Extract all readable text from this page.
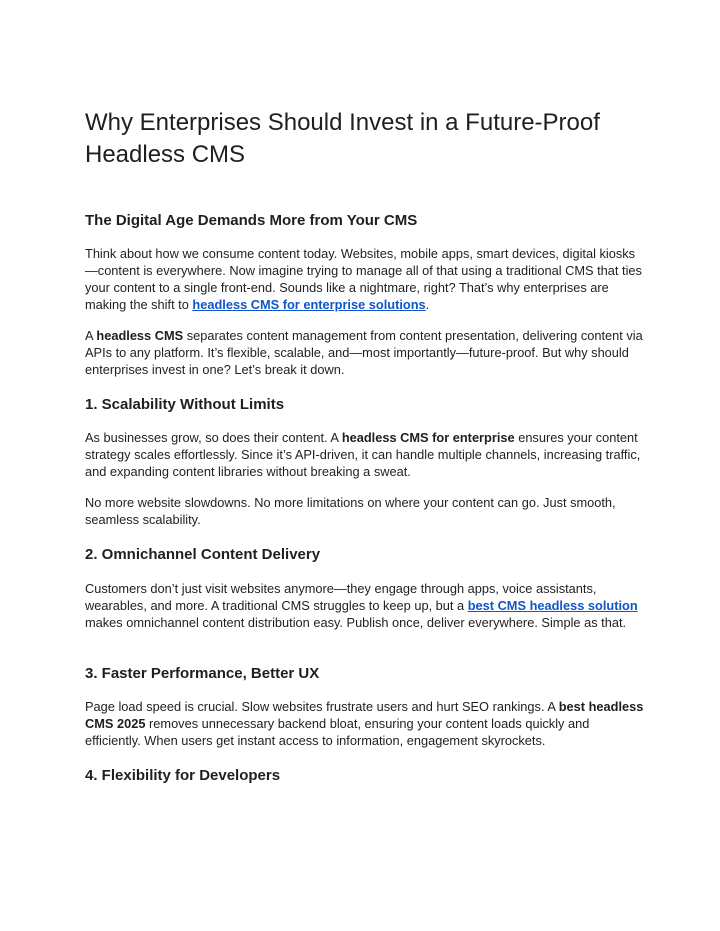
Why Enterprises Should Invest in a Future-Proof Headless CMS
The Digital Age Demands More from Your CMS

Think about how we consume content today. Websites, mobile apps, smart devices, digital kiosks—content is everywhere. Now imagine trying to manage all of that using a traditional CMS that ties your content to a single front-end. Sounds like a nightmare, right? That’s why enterprises are making the shift to headless CMS for enterprise solutions.

A headless CMS separates content management from content presentation, delivering content via APIs to any platform. It’s flexible, scalable, and—most importantly—future-proof. But why should enterprises invest in one? Let’s break it down.

1. Scalability Without Limits

As businesses grow, so does their content. A headless CMS for enterprise ensures your content strategy scales effortlessly. Since it’s API-driven, it can handle multiple channels, increasing traffic, and expanding content libraries without breaking a sweat.

No more website slowdowns. No more limitations on where your content can go. Just smooth, seamless scalability.

2. Omnichannel Content Delivery

Customers don’t just visit websites anymore—they engage through apps, voice assistants, wearables, and more. A traditional CMS struggles to keep up, but a best CMS headless solution makes omnichannel content distribution easy. Publish once, deliver everywhere. Simple as that.

3. Faster Performance, Better UX

Page load speed is crucial. Slow websites frustrate users and hurt SEO rankings. A best headless CMS 2025 removes unnecessary backend bloat, ensuring your content loads quickly and efficiently. When users get instant access to information, engagement skyrockets.

4. Flexibility for Developers
